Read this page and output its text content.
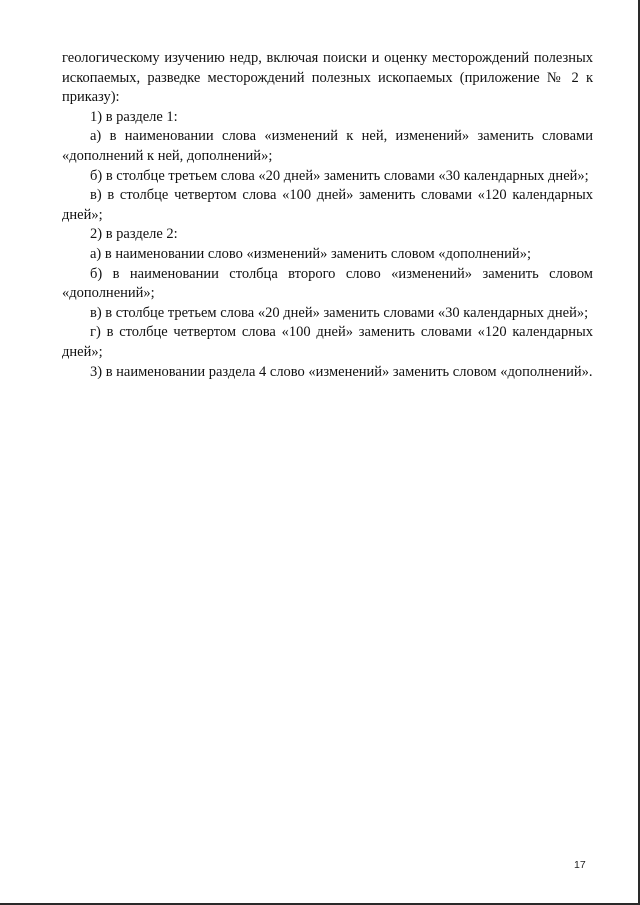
геологическому изучению недр, включая поиски и оценку месторождений полезных ископаемых, разведке месторождений полезных ископаемых (приложение № 2 к приказу):

1) в разделе 1:

а) в наименовании слова «изменений к ней, изменений» заменить словами «дополнений к ней, дополнений»;

б) в столбце третьем слова «20 дней» заменить словами «30 календарных дней»;

в) в столбце четвертом слова «100 дней» заменить словами «120 календарных дней»;

2) в разделе 2:

а) в наименовании слово «изменений» заменить словом «дополнений»;

б) в наименовании столбца второго слово «изменений» заменить словом «дополнений»;

в) в столбце третьем слова «20 дней» заменить словами «30 календарных дней»;

г) в столбце четвертом слова «100 дней» заменить словами «120 календарных дней»;

3) в наименовании раздела 4 слово «изменений» заменить словом «дополнений».

17
